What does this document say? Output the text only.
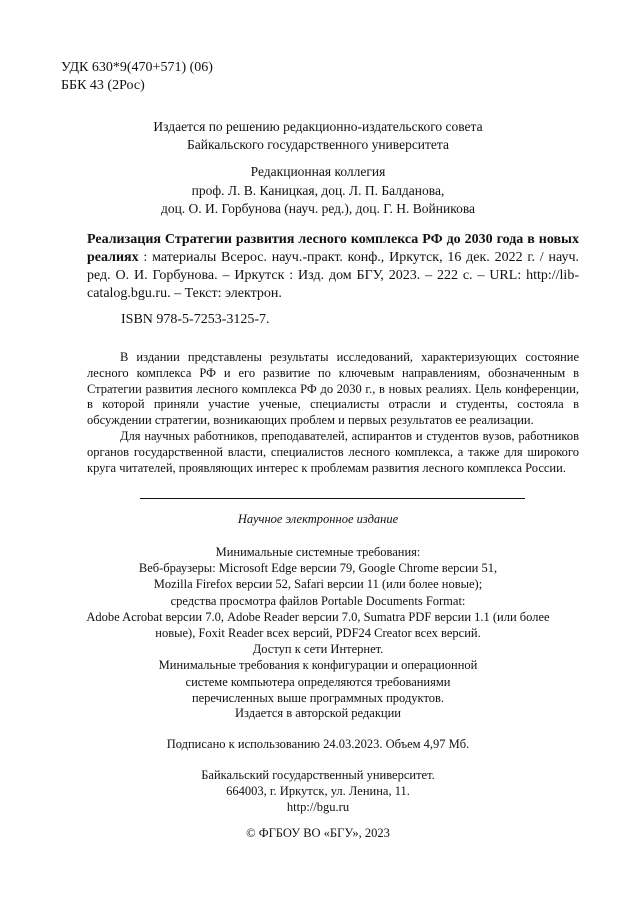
УДК 630*9(470+571) (06)
ББК 43 (2Рос)
Издается по решению редакционно-издательского совета
Байкальского государственного университета
Редакционная коллегия
проф. Л. В. Каницкая, доц. Л. П. Балданова,
доц. О. И. Горбунова (науч. ред.), доц. Г. Н. Войникова
Реализация Стратегии развития лесного комплекса РФ до 2030 года в новых реалиях : материалы Всерос. науч.-практ. конф., Иркутск, 16 дек. 2022 г. / науч. ред. О. И. Горбунова. – Иркутск : Изд. дом БГУ, 2023. – 222 с. – URL: http://lib-catalog.bgu.ru. – Текст: электрон.
ISBN 978-5-7253-3125-7.

В издании представлены результаты исследований, характеризующих состояние лесного комплекса РФ и его развитие по ключевым направлениям, обозначенным в Стратегии развития лесного комплекса РФ до 2030 г., в новых реалиях. Цель конференции, в которой приняли участие ученые, специалисты отрасли и студенты, состояла в обсуждении стратегии, возникающих проблем и первых результатов ее реализации.

Для научных работников, преподавателей, аспирантов и студентов вузов, работников органов государственной власти, специалистов лесного комплекса, а также для широкого круга читателей, проявляющих интерес к проблемам развития лесного комплекса России.

Научное электронное издание
Минимальные системные требования:
Веб-браузеры: Microsoft Edge версии 79, Google Chrome версии 51,
Mozilla Firefox версии 52, Safari версии 11 (или более новые);
средства просмотра файлов Portable Documents Format:
Adobe Acrobat версии 7.0, Adobe Reader версии 7.0, Sumatra PDF версии 1.1 (или более
новые), Foxit Reader всех версий, PDF24 Creator всех версий.
Доступ к сети Интернет.
Минимальные требования к конфигурации и операционной
системе компьютера определяются требованиями
перечисленных выше программных продуктов.
Издается в авторской редакции
Подписано к использованию 24.03.2023. Объем 4,97 Мб.
Байкальский государственный университет.
664003, г. Иркутск, ул. Ленина, 11.
http://bgu.ru
© ФГБОУ ВО «БГУ», 2023
